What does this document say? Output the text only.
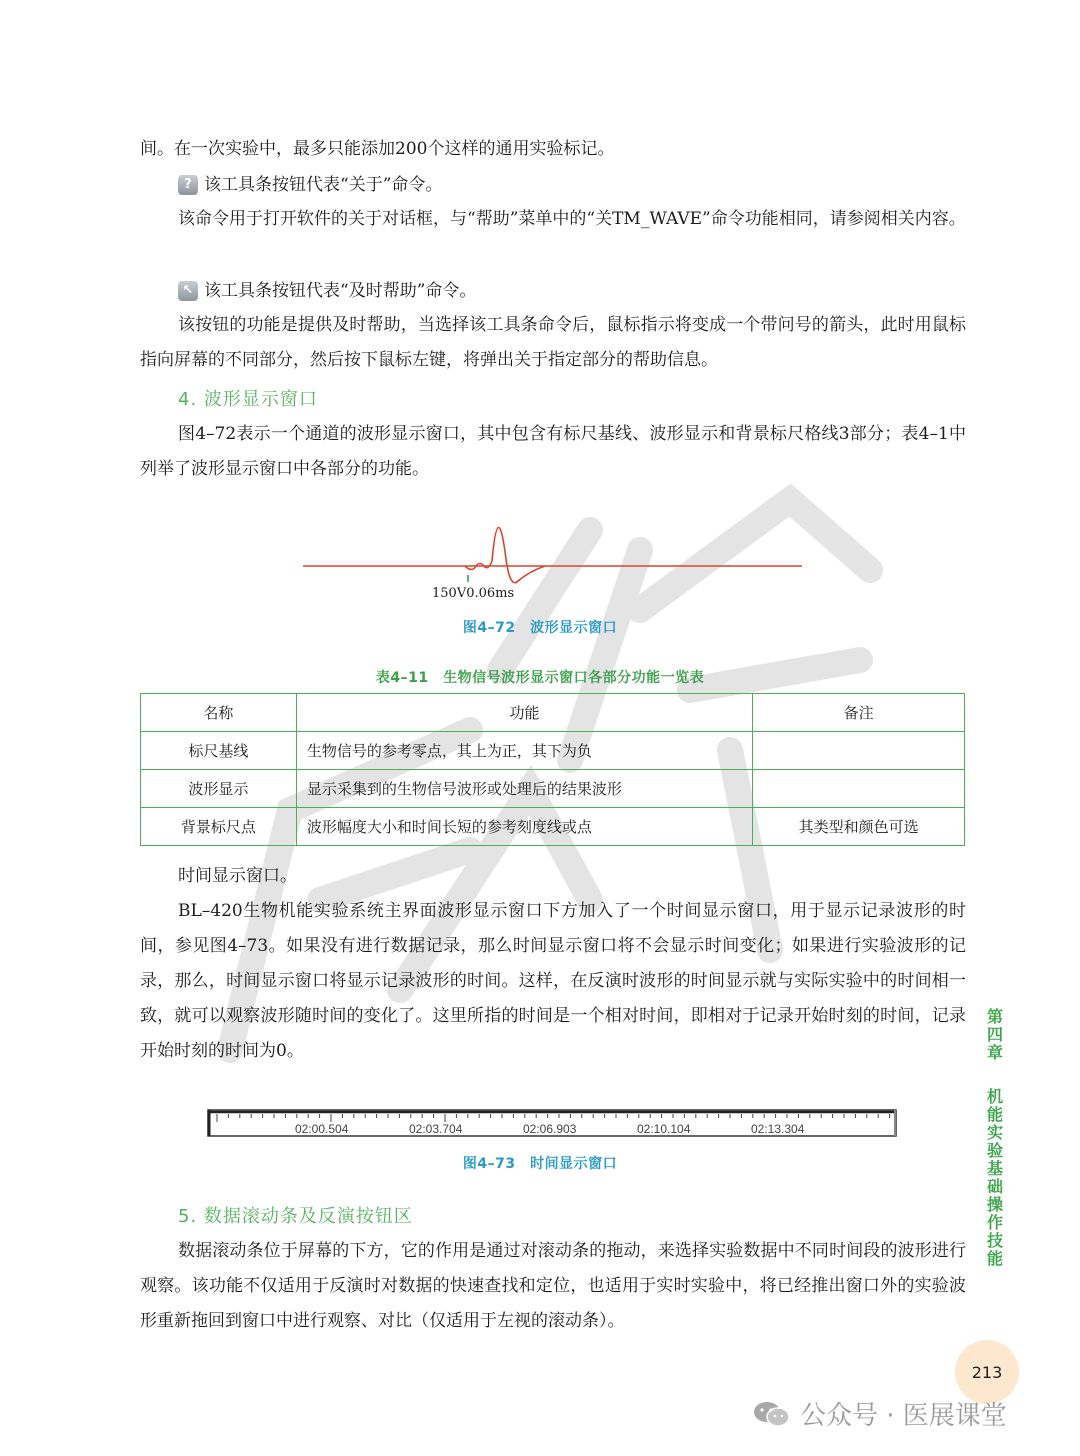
间。在一次实验中，最多只能添加200个这样的通用实验标记。

? 该工具条按钮代表“关于”命令。

该命令用于打开软件的关于对话框，与“帮助”菜单中的“关TM_WAVE”命令功能相同，请参阅相关内容。

↖ 该工具条按钮代表“及时帮助”命令。

该按钮的功能是提供及时帮助，当选择该工具条命令后，鼠标指示将变成一个带问号的箭头，此时用鼠标指向屏幕的不同部分，然后按下鼠标左键，将弹出关于指定部分的帮助信息。

4. 波形显示窗口

图4–72表示一个通道的波形显示窗口，其中包含有标尺基线、波形显示和背景标尺格线3部分；表4–1中列举了波形显示窗口中各部分的功能。

150V0.06ms
图4–72　波形显示窗口
表4–11　生物信号波形显示窗口各部分功能一览表
名称	功能	备注
标尺基线	生物信号的参考零点，其上为正，其下为负	
波形显示	显示采集到的生物信号波形或处理后的结果波形	
背景标尺点	波形幅度大小和时间长短的参考刻度线或点	其类型和颜色可选

时间显示窗口。

BL–420生物机能实验系统主界面波形显示窗口下方加入了一个时间显示窗口，用于显示记录波形的时间，参见图4–73。如果没有进行数据记录，那么时间显示窗口将不会显示时间变化；如果进行实验波形的记录，那么，时间显示窗口将显示记录波形的时间。这样，在反演时波形的时间显示就与实际实验中的时间相一致，就可以观察波形随时间的变化了。这里所指的时间是一个相对时间，即相对于记录开始时刻的时间，记录开始时刻的时间为0。

02:00.504	02:03.704	02:06.903	02:10.104	02:13.304
图4–73　时间显示窗口
5. 数据滚动条及反演按钮区

数据滚动条位于屏幕的下方，它的作用是通过对滚动条的拖动，来选择实验数据中不同时间段的波形进行观察。该功能不仅适用于反演时对数据的快速查找和定位，也适用于实时实验中，将已经推出窗口外的实验波形重新拖回到窗口中进行观察、对比（仅适用于左视的滚动条）。

第
四
章
机
能
实
验
基
础
操
作
技
能
213
公众号 · 医展课堂
